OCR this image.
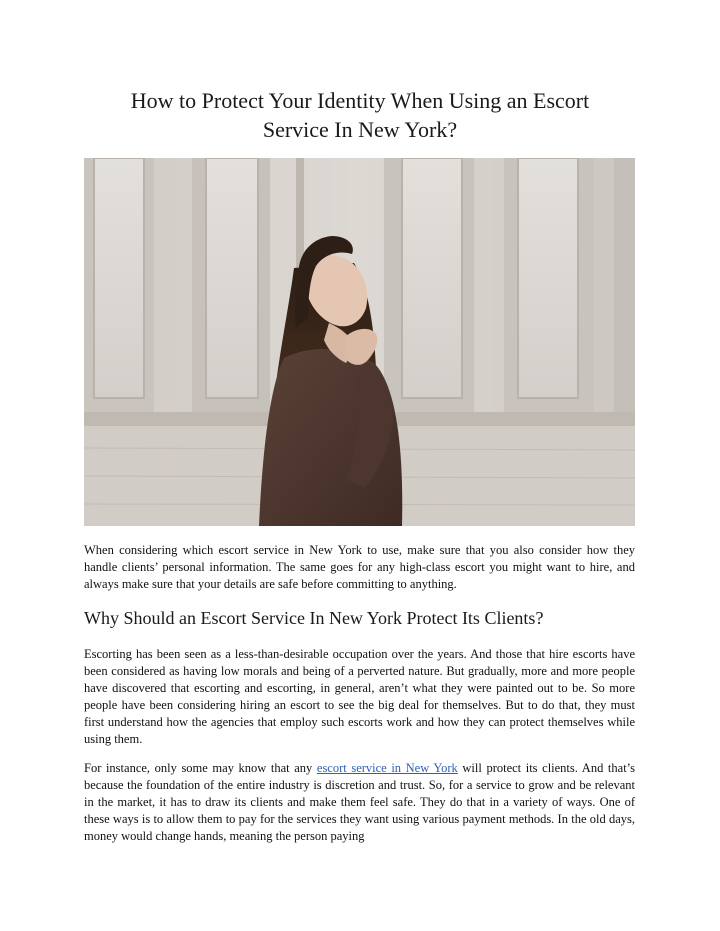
How to Protect Your Identity When Using an Escort
Service In New York?

When considering which escort service in New York to use, make sure that you also consider how they handle clients’ personal information. The same goes for any high-class escort you might want to hire, and always make sure that your details are safe before committing to anything.

Why Should an Escort Service In New York Protect Its Clients?

Escorting has been seen as a less-than-desirable occupation over the years. And those that hire escorts have been considered as having low morals and being of a perverted nature. But gradually, more and more people have discovered that escorting and escorting, in general, aren’t what they were painted out to be. So more people have been considering hiring an escort to see the big deal for themselves. But to do that, they must first understand how the agencies that employ such escorts work and how they can protect themselves while using them.

For instance, only some may know that any escort service in New York will protect its clients. And that’s because the foundation of the entire industry is discretion and trust. So, for a service to grow and be relevant in the market, it has to draw its clients and make them feel safe. They do that in a variety of ways. One of these ways is to allow them to pay for the services they want using various payment methods. In the old days, money would change hands, meaning the person paying
